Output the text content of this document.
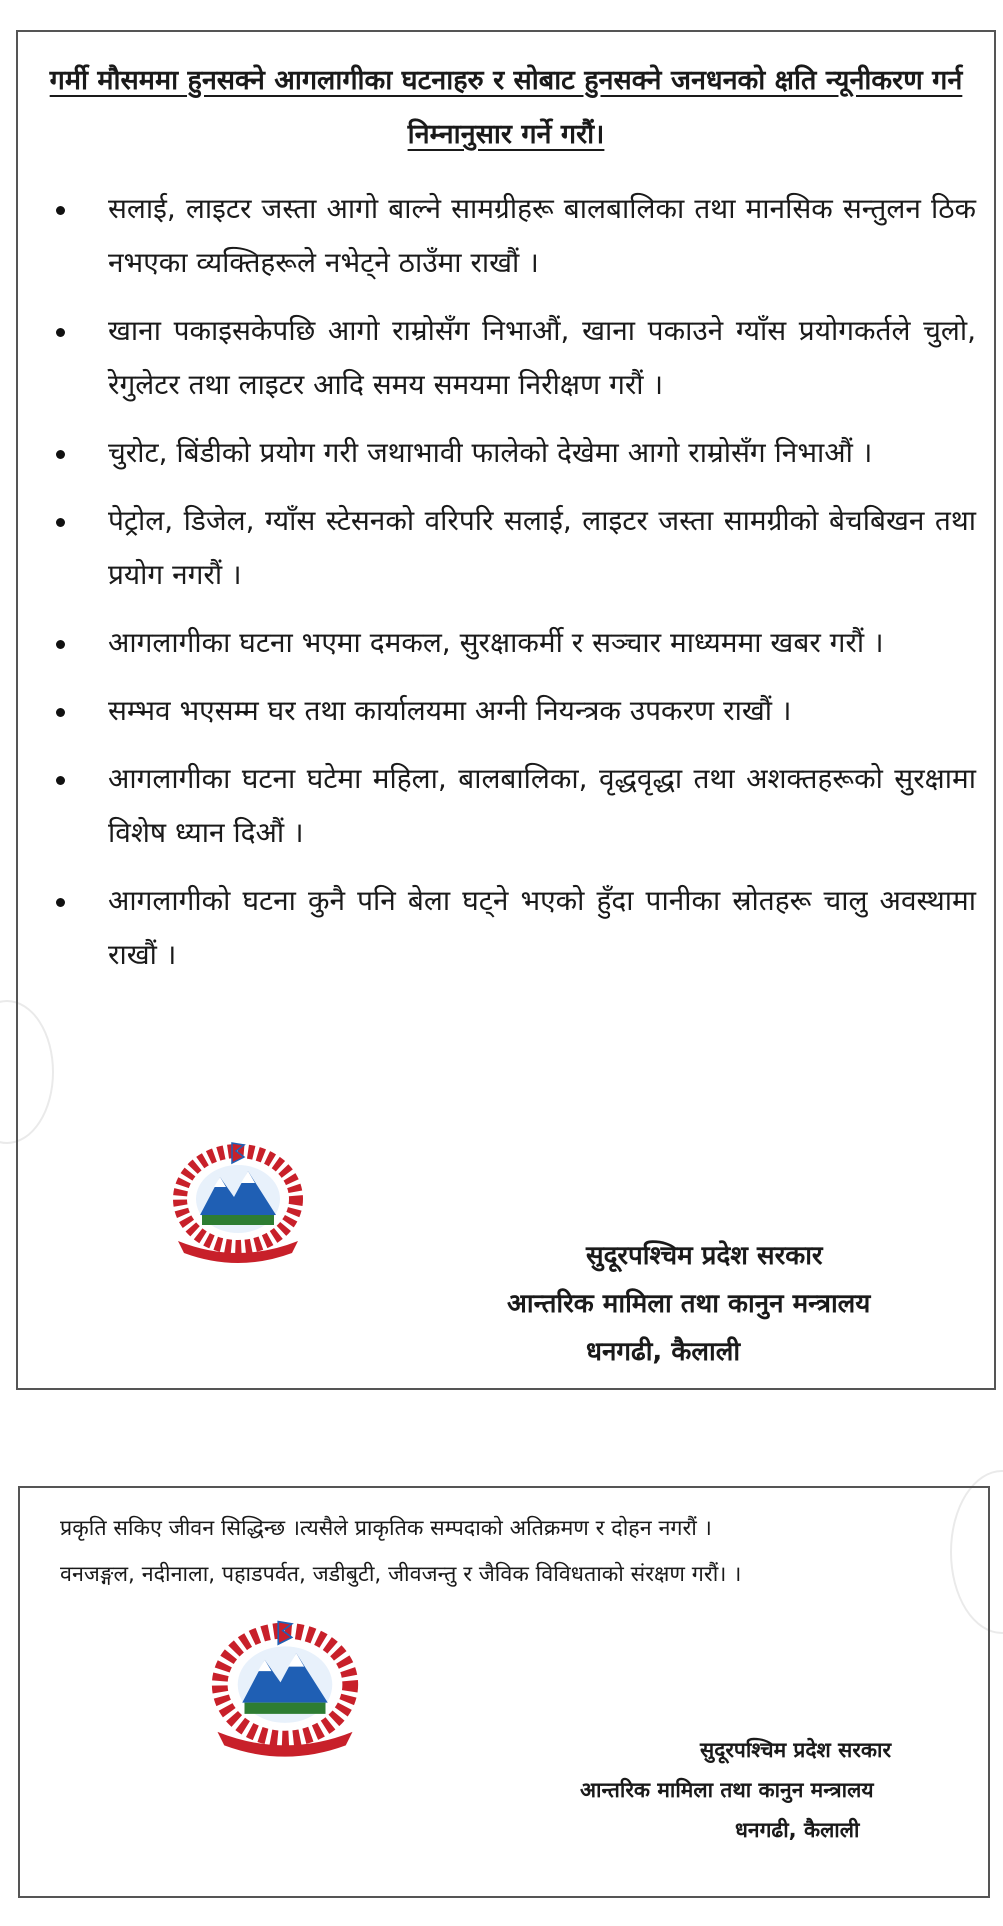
गर्मी मौसममा हुनसक्ने आगलागीका घटनाहरु र सोबाट हुनसक्ने जनधनको क्षति न्यूनीकरण गर्न निम्नानुसार गर्ने गरौं।
सलाई, लाइटर जस्ता आगो बाल्ने सामग्रीहरू बालबालिका तथा मानसिक सन्तुलन ठिक नभएका व्यक्तिहरूले नभेट्ने ठाउँमा राखौं ।
खाना पकाइसकेपछि आगो राम्रोसँग निभाऔं, खाना पकाउने ग्याँस प्रयोगकर्तले चुलो, रेगुलेटर तथा लाइटर आदि समय समयमा निरीक्षण गरौं ।
चुरोट, बिंडीको प्रयोग गरी जथाभावी फालेको देखेमा आगो राम्रोसँग निभाऔं ।
पेट्रोल, डिजेल, ग्याँस स्टेसनको वरिपरि सलाई, लाइटर जस्ता सामग्रीको बेचबिखन तथा प्रयोग नगरौं ।
आगलागीका घटना भएमा दमकल, सुरक्षाकर्मी र सञ्चार माध्यममा खबर गरौं ।
सम्भव भएसम्म घर तथा कार्यालयमा अग्नी नियन्त्रक उपकरण राखौं ।
आगलागीका घटना घटेमा महिला, बालबालिका, वृद्धवृद्धा तथा अशक्तहरूको सुरक्षामा विशेष ध्यान दिऔं ।
आगलागीको घटना कुनै पनि बेला घट्ने भएको हुँदा पानीका स्रोतहरू चालु अवस्थामा राखौं ।
सुदूरपश्चिम प्रदेश सरकार
आन्तरिक मामिला तथा कानुन मन्त्रालय
धनगढी, कैलाली
प्रकृति सकिए जीवन सिद्धिन्छ ।त्यसैले प्राकृतिक सम्पदाको अतिक्रमण र दोहन नगरौं ।
वनजङ्गल, नदीनाला, पहाडपर्वत, जडीबुटी, जीवजन्तु र जैविक विविधताको संरक्षण गरौं। ।
सुदूरपश्चिम प्रदेश सरकार
आन्तरिक मामिला तथा कानुन मन्त्रालय
धनगढी, कैलाली
